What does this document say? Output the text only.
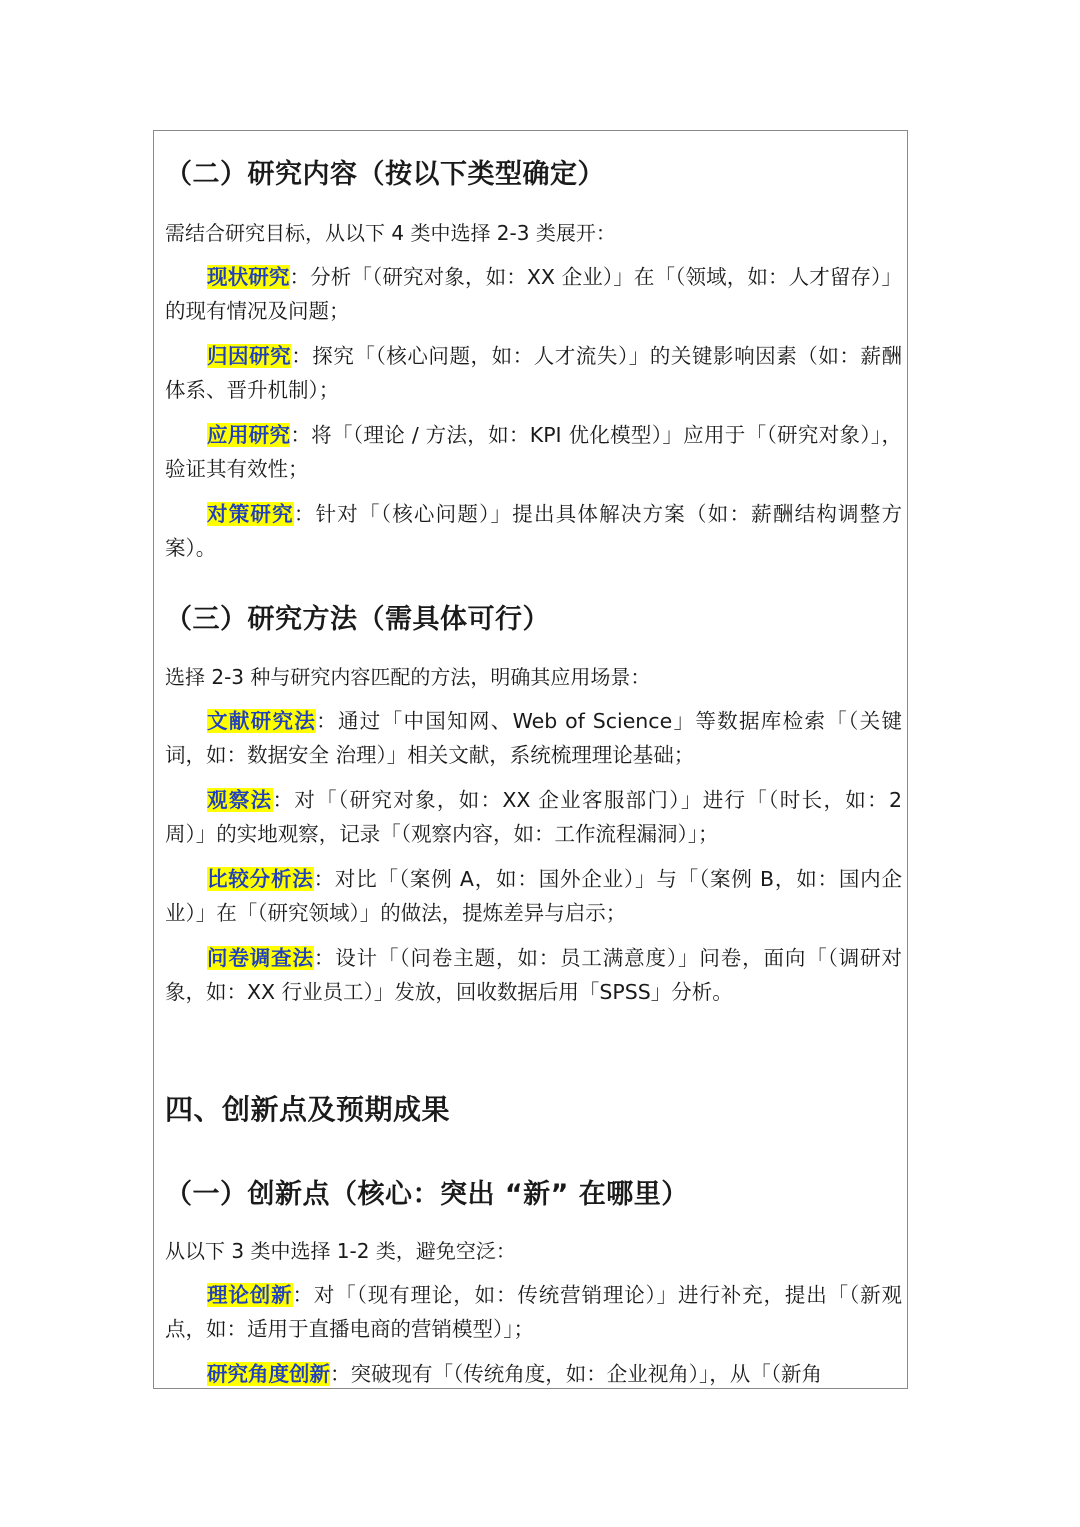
（二）研究内容（按以下类型确定）
需结合研究目标，从以下 4 类中选择 2-3 类展开：
现状研究：分析「（研究对象，如：XX 企业）」在「（领域，如：人才留存）」的现有情况及问题；
归因研究：探究「（核心问题，如：人才流失）」的关键影响因素（如：薪酬体系、晋升机制）；
应用研究：将「（理论 / 方法，如：KPI 优化模型）」应用于「（研究对象）」，验证其有效性；
对策研究：针对「（核心问题）」提出具体解决方案（如：薪酬结构调整方案）。
（三）研究方法（需具体可行）
选择 2-3 种与研究内容匹配的方法，明确其应用场景：
文献研究法：通过「中国知网、Web of Science」等数据库检索「（关键词，如：数据安全 治理）」相关文献，系统梳理理论基础；
观察法：对「（研究对象，如：XX 企业客服部门）」进行「（时长，如：2 周）」的实地观察，记录「（观察内容，如：工作流程漏洞）」；
比较分析法：对比「（案例 A，如：国外企业）」与「（案例 B，如：国内企业）」在「（研究领域）」的做法，提炼差异与启示；
问卷调查法：设计「（问卷主题，如：员工满意度）」问卷，面向「（调研对象，如：XX 行业员工）」发放，回收数据后用「SPSS」分析。
四、创新点及预期成果
（一）创新点（核心：突出 “新” 在哪里）
从以下 3 类中选择 1-2 类，避免空泛：
理论创新：对「（现有理论，如：传统营销理论）」进行补充，提出「（新观点，如：适用于直播电商的营销模型）」；
研究角度创新：突破现有「（传统角度，如：企业视角）」，从「（新角
